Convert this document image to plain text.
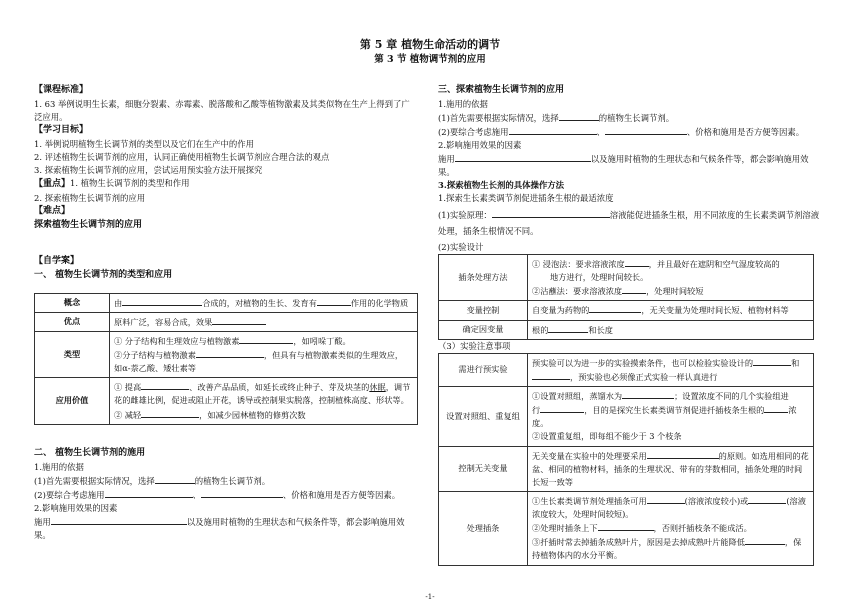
第 5 章 植物生命活动的调节
第 3 节 植物调节剂的应用

【课程标准】

1. 63 举例说明生长素，细胞分裂素、赤霉素、脱落酸和乙酸等植物激素及其类似物在生产上得到了广泛应用。

【学习目标】

1. 举例说明植物生长调节剂的类型以及它们在生产中的作用

2. 评述植物生长调节剂的应用，认同正确使用植物生长调节剂应合理合法的观点

3. 探索植物生长调节剂的应用，尝试运用预实验方法开展探究

【重点】1. 植物生长调节剂的类型和作用

2. 探索植物生长调节剂的应用

【难点】

探索植物生长调节剂的应用

【自学案】

一、 植物生长调节剂的类型和应用

概念	由 合成的，对植物的生长、发育有 作用的化学物质
优点	原料广泛，容易合成，效果
类型	① 分子结构和生理效应与植物激素 ，如吲哚丁酸。
②分子结构与植物激素 ，但具有与植物激素类似的生理效应，
如α-萘乙酸、矮壮素等

应用价值	① 提高 、改善产品品质，如延长或终止种子、芽及块茎的休眠，调节花的雌雄比例，促进或阻止开花，诱导或控制果实脱落，控制植株高度、形状等。
② 减轻 ，如减少园林植物的修剪次数

二、 植物生长调节剂的施用

1.施用的依据

(1)首先需要根据实际情况，选择	的植物生长调节剂。

(2)要综合考虑施用	、	、价格和施用是否方便等因素。

2.影响施用效果的因素

施用	以及施用时植物的生理状态和气候条件等，都会影响施用效果。

三、探索植物生长调节剂的应用

1.施用的依据

(1)首先需要根据实际情况，选择	的植物生长调节剂。

(2)要综合考虑施用	、	、价格和施用是否方便等因素。

2.影响施用效果的因素

施用	以及施用时植物的生理状态和气候条件等，都会影响施用效果。

3.探索植物生长剂的具体操作方法

1.探索生长素类调节剂促进插条生根的最适浓度

(1)实验原理：	溶液能促进插条生根，用不同浓度的生长素类调节剂溶液

处理，插条生根情况不同。

(2)实验设计

插条处理方法	① 浸泡法：要求溶液浓度 ，并且最好在遮阴和空气湿度较高的
地方进行，处理时间较长。
②沾蘸法：要求溶液浓度 ，处理时间较短

变量控制	自变量为药物的 ，无关变量为处理时间长短、植物材料等
确定因变量	根的 和长度

（3）实验注意事项

需进行预实验	预实验可以为进一步的实验摸索条件，也可以检验实验设计的 和，预实验也必须像正式实验一样认真进行
设置对照组、重复组	①设置对照组，蒸馏水为 ；设置浓度不同的几个实验组进
行 ，目的是探究生长素类调节剂促进扦插枝条生根的 浓度。
②设置重复组，即每组不能少于 3 个枝条

控制无关变量	无关变量在实验中的处理要采用 的原则。如选用相同的花盆、相同的植物材料，插条的生理状况、带有的芽数相同，插条处理的时间长短一致等
处理插条	①生长素类调节剂处理插条可用 (溶液浓度较小)或 (溶液浓度较大，处理时间较短)。
②处理时插条上下 ，否则扦插枝条不能成活。
③扦插时常去掉插条成熟叶片，原因是去掉成熟叶片能降低 ，保持植物体内的水分平衡。
-1-
